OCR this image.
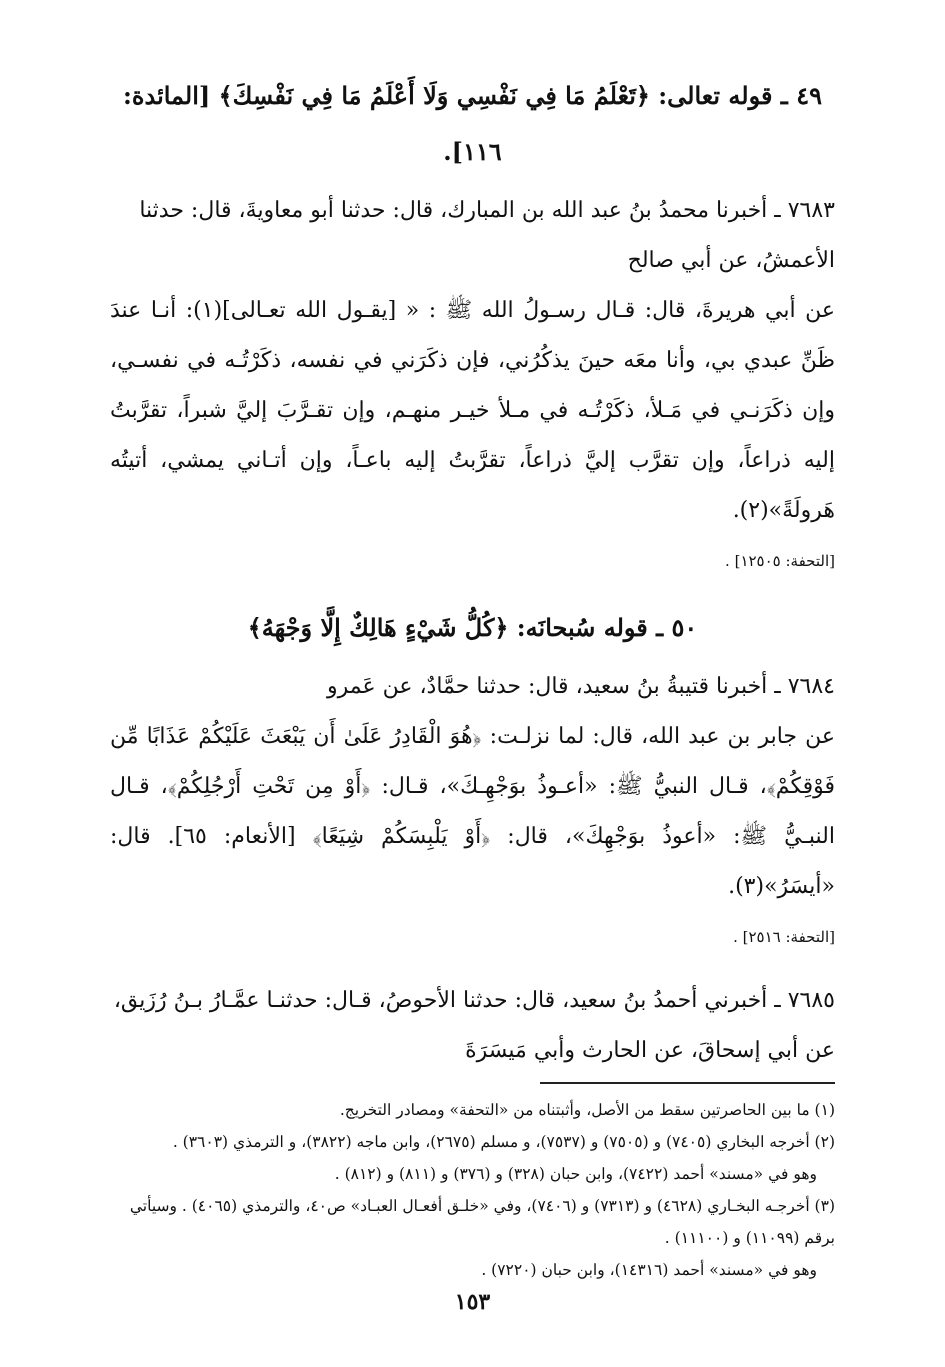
٤٩ ـ قوله تعالى: ﴿تَعْلَمُ مَا فِي نَفْسِي وَلَا أَعْلَمُ مَا فِي نَفْسِكَ﴾ [المائدة: ١١٦].

٧٦٨٣ ـ أخبرنا محمدُ بنُ عبد الله بن المبارك، قال: حدثنا أبو معاويةَ، قال: حدثنا الأعمشُ، عن أبي صالح

عن أبي هريرةَ، قال: قـال رسـولُ الله ﷺ : « [يقـول الله تعـالى](١): أنـا عندَ ظَنِّ عبدي بي، وأنا معَه حينَ يذكُرُني، فإن ذكَرَني في نفسه، ذكَرْتُـه في نفسـي، وإن ذكَرَنـي في مَـلأ، ذكَرْتُـه في مـلأ خيـر منهـم، وإن تقـرَّبَ إليَّ شبراً، تقرَّبتُ إليه ذراعاً، وإن تقرَّب إليَّ ذراعاً، تقرَّبتُ إليه باعـاً، وإن أتـاني يمشي، أتيتُه هَرولَةً»(٢).

[التحفة: ١٢٥٠٥] .
٥٠ ـ قوله سُبحانَه: ﴿كُلُّ شَيْءٍ هَالِكٌ إِلَّا وَجْهَهُ﴾

٧٦٨٤ ـ أخبرنا قتيبةُ بنُ سعيد، قال: حدثنا حمَّادٌ، عن عَمرو

عن جابر بن عبد الله، قال: لما نزلـت: ﴿هُوَ الْقَادِرُ عَلَىٰ أَن يَبْعَثَ عَلَيْكُمْ عَذَابًا مِّن فَوْقِكُمْ﴾، قـال النبيُّ ﷺ: «أعـوذُ بوَجْهِـكَ»، قـال: ﴿أَوْ مِن تَحْتِ أَرْجُلِكُمْ﴾، قـال النبـيُّ ﷺ: «أعوذُ بوَجْهِكَ»، قال: ﴿أَوْ يَلْبِسَكُمْ شِيَعًا﴾ [الأنعام: ٦٥]. قال: «أيسَرُ»(٣).

[التحفة: ٢٥١٦] .

٧٦٨٥ ـ أخبرني أحمدُ بنُ سعيد، قال: حدثنا الأحوصُ، قـال: حدثنـا عمَّـارُ بـنُ رُزَيق، عن أبي إسحاقَ، عن الحارث وأبي مَيسَرَةَ

(١) ما بين الحاصرتين سقط من الأصل، وأثبتناه من «التحفة» ومصادر التخريج.
(٢) أخرجه البخاري (٧٤٠٥) و (٧٥٠٥) و (٧٥٣٧)، و مسلم (٢٦٧٥)، وابن ماجه (٣٨٢٢)، و الترمذي (٣٦٠٣) .
وهو في «مسند» أحمد (٧٤٢٢)، وابن حبان (٣٢٨) و (٣٧٦) و (٨١١) و (٨١٢) .
(٣) أخرجـه البخـاري (٤٦٢٨) و (٧٣١٣) و (٧٤٠٦)، وفي «خلـق أفعـال العبـاد» ص٤٠، والترمذي (٤٠٦٥) . وسيأتي برقم (١١٠٩٩) و (١١١٠٠) .
وهو في «مسند» أحمد (١٤٣١٦)، وابن حبان (٧٢٢٠) .
١٥٣
